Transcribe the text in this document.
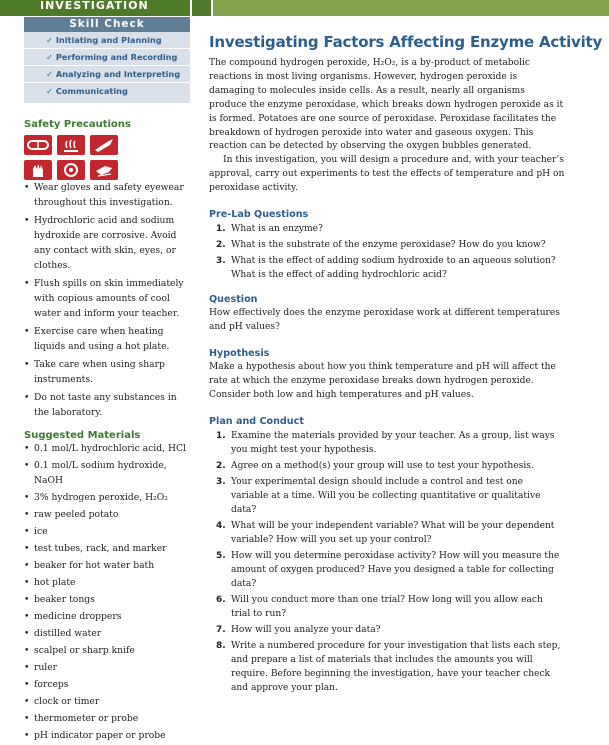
INVESTIGATION
Skill Check
✓ Initiating and Planning
✓ Performing and Recording
✓ Analyzing and Interpreting
✓ Communicating
Safety Precautions
• Wear gloves and safety eyewear throughout this investigation.
• Hydrochloric acid and sodium hydroxide are corrosive. Avoid any contact with skin, eyes, or clothes.
• Flush spills on skin immediately with copious amounts of cool water and inform your teacher.
• Exercise care when heating liquids and using a hot plate.
• Take care when using sharp instruments.
• Do not taste any substances in the laboratory.
Suggested Materials
• 0.1 mol/L hydrochloric acid, HCl
• 0.1 mol/L sodium hydroxide, NaOH
• 3% hydrogen peroxide, H₂O₂
• raw peeled potato
• ice
• test tubes, rack, and marker
• beaker for hot water bath
• hot plate
• beaker tongs
• medicine droppers
• distilled water
• scalpel or sharp knife
• ruler
• forceps
• clock or timer
• thermometer or probe
• pH indicator paper or probe
Investigating Factors Affecting Enzyme Activity

The compound hydrogen peroxide, H₂O₂, is a by-product of metabolic reactions in most living organisms. However, hydrogen peroxide is damaging to molecules inside cells. As a result, nearly all organisms produce the enzyme peroxidase, which breaks down hydrogen peroxide as it is formed. Potatoes are one source of peroxidase. Peroxidase facilitates the breakdown of hydrogen peroxide into water and gaseous oxygen. This reaction can be detected by observing the oxygen bubbles generated.

In this investigation, you will design a procedure and, with your teacher’s approval, carry out experiments to test the effects of temperature and pH on peroxidase activity.

Pre-Lab Questions
1. What is an enzyme?
2. What is the substrate of the enzyme peroxidase? How do you know?
3. What is the effect of adding sodium hydroxide to an aqueous solution? What is the effect of adding hydrochloric acid?
Question

How effectively does the enzyme peroxidase work at different temperatures and pH values?

Hypothesis

Make a hypothesis about how you think temperature and pH will affect the rate at which the enzyme peroxidase breaks down hydrogen peroxide. Consider both low and high temperatures and pH values.

Plan and Conduct
1. Examine the materials provided by your teacher. As a group, list ways you might test your hypothesis.
2. Agree on a method(s) your group will use to test your hypothesis.
3. Your experimental design should include a control and test one variable at a time. Will you be collecting quantitative or qualitative data?
4. What will be your independent variable? What will be your dependent variable? How will you set up your control?
5. How will you determine peroxidase activity? How will you measure the amount of oxygen produced? Have you designed a table for collecting data?
6. Will you conduct more than one trial? How long will you allow each trial to run?
7. How will you analyze your data?
8. Write a numbered procedure for your investigation that lists each step, and prepare a list of materials that includes the amounts you will require. Before beginning the investigation, have your teacher check and approve your plan.
